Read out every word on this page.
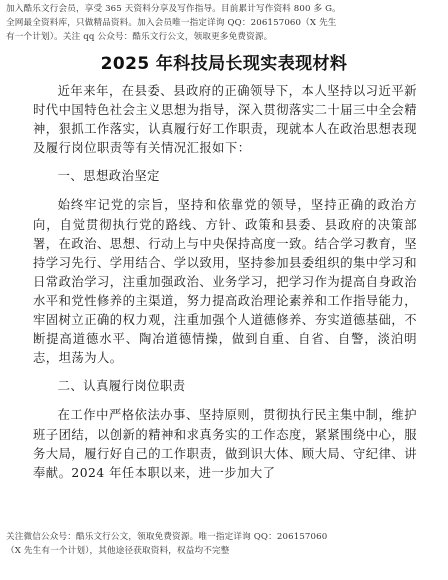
加入酷乐文行会员，享受 365 天资料分享及写作指导。目前累计写作资料 800 多 G。
全网最全资料库，只做精品资料。加入会员唯一指定详询 QQ：206157060（X 先生
有一个计划）。关注 qq 公众号：酷乐文行公文，领取更多免费资源。
2025 年科技局长现实表现材料

近年来年，在县委、县政府的正确领导下，本人坚持以习近平新时代中国特色社会主义思想为指导，深入贯彻落实二十届三中全会精神，狠抓工作落实，认真履行好工作职责，现就本人在政治思想表现及履行岗位职责等有关情况汇报如下：

一、思想政治坚定

始终牢记党的宗旨，坚持和依靠党的领导，坚持正确的政治方向，自觉贯彻执行党的路线、方针、政策和县委、县政府的决策部署，在政治、思想、行动上与中央保持高度一致。结合学习教育，坚持学习先行、学用结合、学以致用，坚持参加县委组织的集中学习和日常政治学习，注重加强政治、业务学习，把学习作为提高自身政治水平和党性修养的主渠道，努力提高政治理论素养和工作指导能力，牢固树立正确的权力观，注重加强个人道德修养、夯实道德基础，不断提高道德水平、陶冶道德情操，做到自重、自省、自警，淡泊明志，坦荡为人。

二、认真履行岗位职责

在工作中严格依法办事、坚持原则，贯彻执行民主集中制，维护班子团结，以创新的精神和求真务实的工作态度，紧紧围绕中心，服务大局，履行好自己的工作职责，做到识大体、顾大局、守纪律、讲奉献。2024 年任本职以来，进一步加大了

关注微信公众号：酷乐文行公文，领取免费资源。唯一指定详询 QQ：206157060
（X 先生有一个计划），其他途径获取资料，权益均不完整
